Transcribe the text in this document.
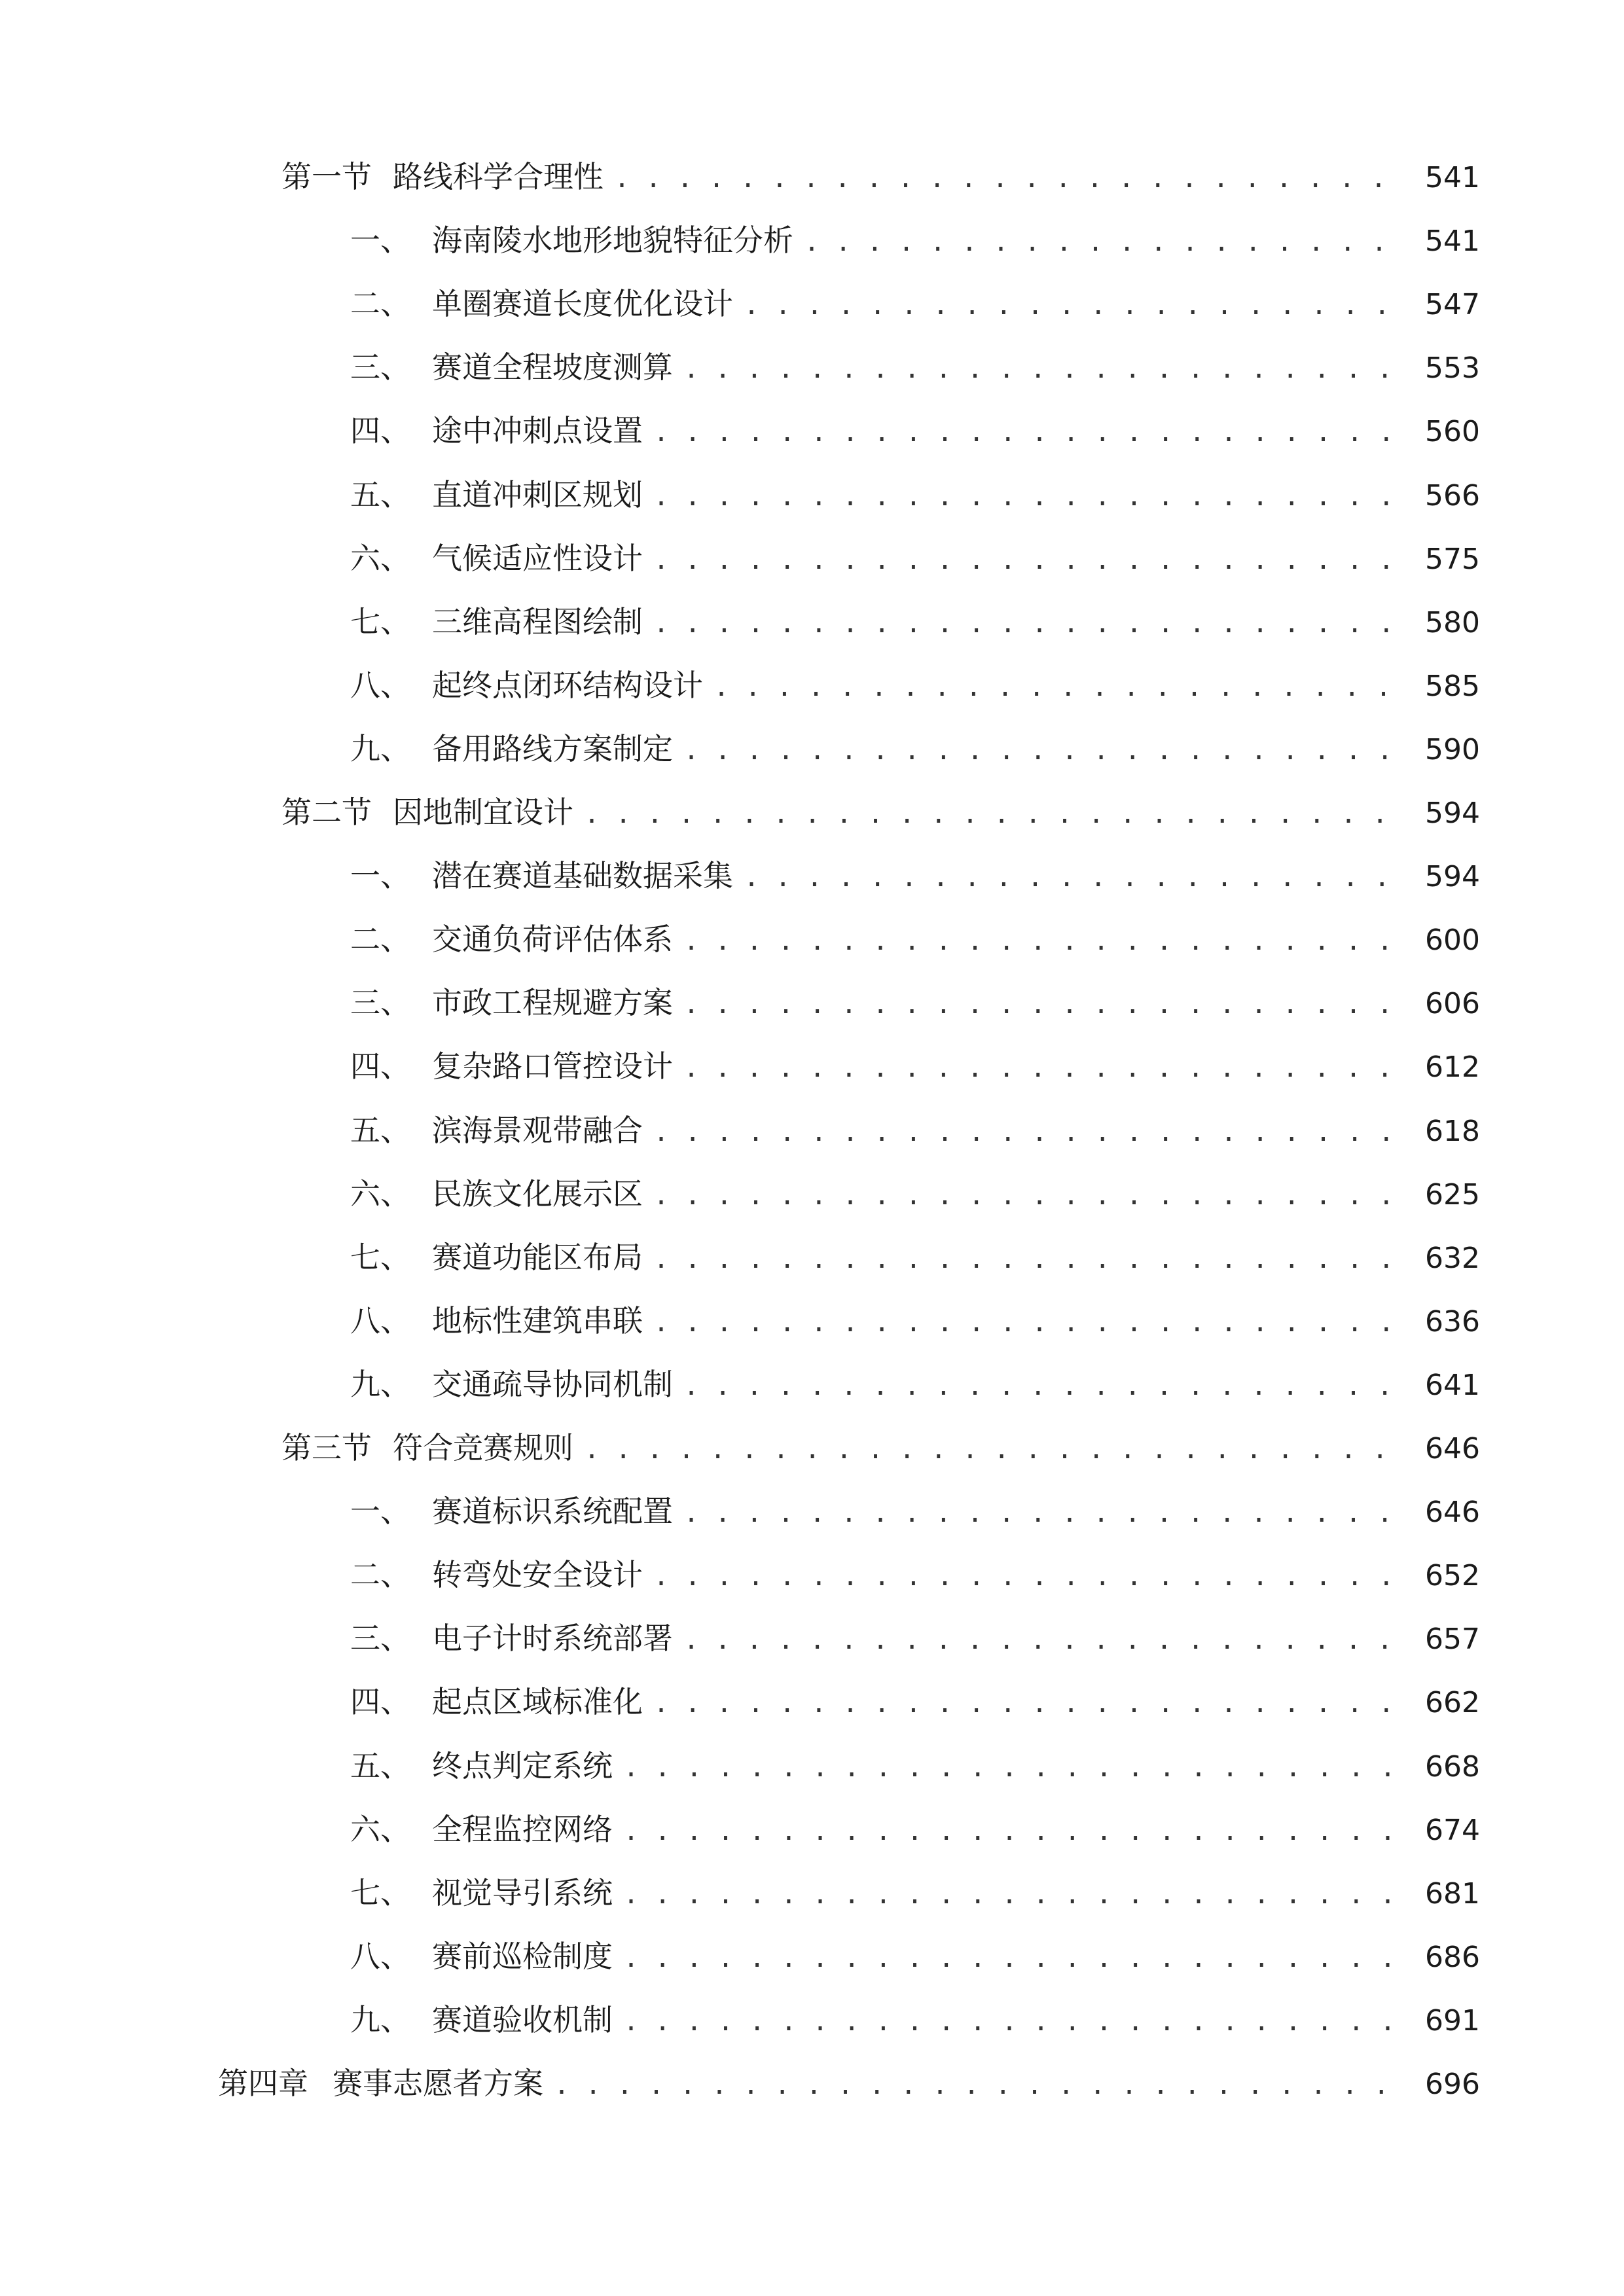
第一节 路线科学合理性 . . .	541
一、 海南陵水地形地貌特征分析 . . .	541
二、 单圈赛道长度优化设计 . . .	547
三、 赛道全程坡度测算 . . .	553
四、 途中冲刺点设置 . . .	560
五、 直道冲刺区规划 . . .	566
六、 气候适应性设计 . . .	575
七、 三维高程图绘制 . . .	580
八、 起终点闭环结构设计 . . .	585
九、 备用路线方案制定 . . .	590
第二节 因地制宜设计 . . .	594
一、 潜在赛道基础数据采集 . . .	594
二、 交通负荷评估体系 . . .	600
三、 市政工程规避方案 . . .	606
四、 复杂路口管控设计 . . .	612
五、 滨海景观带融合 . . .	618
六、 民族文化展示区 . . .	625
七、 赛道功能区布局 . . .	632
八、 地标性建筑串联 . . .	636
九、 交通疏导协同机制 . . .	641
第三节 符合竞赛规则 . . .	646
一、 赛道标识系统配置 . . .	646
二、 转弯处安全设计 . . .	652
三、 电子计时系统部署 . . .	657
四、 起点区域标准化 . . .	662
五、 终点判定系统 . . .	668
六、 全程监控网络 . . .	674
七、 视觉导引系统 . . .	681
八、 赛前巡检制度 . . .	686
九、 赛道验收机制 . . .	691
第四章 赛事志愿者方案 . . .	696
